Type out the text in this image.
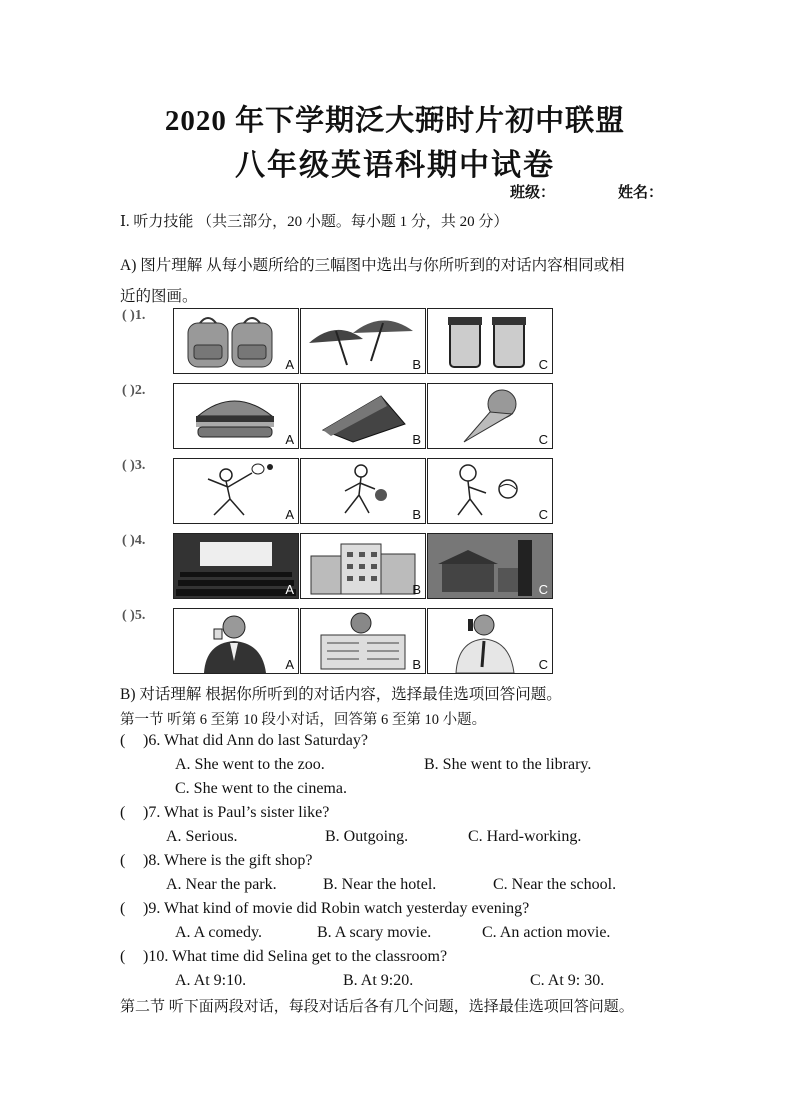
2020 年下学期泛大弼时片初中联盟
八年级英语科期中试卷
班级：	姓名：
Ⅰ. 听力技能 （共三部分，20 小题。每小题 1 分，共 20 分）
A) 图片理解 从每小题所给的三幅图中选出与你所听到的对话内容相同或相
近的图画。
( )1.
A	B	C
( )2.
A	B	C
( )3.
A	B	C
( )4.
A	B	C
( )5.
A	B	C
B) 对话理解 根据你所听到的对话内容，选择最佳选项回答问题。
第一节 听第 6 至第 10 段小对话，回答第 6 至第 10 小题。
( )6. What did Ann do last Saturday?
A. She went to the zoo.	B. She went to the library.
C. She went to the cinema.
( )7. What is Paul’s sister like?
A. Serious.	B. Outgoing.	C. Hard-working.
( )8. Where is the gift shop?
A. Near the park.	B. Near the hotel.	C. Near the school.
( )9. What kind of movie did Robin watch yesterday evening?
A. A comedy.	B. A scary movie.	C. An action movie.
( )10. What time did Selina get to the classroom?
A. At 9:10.	B. At 9:20.	C. At 9: 30.
第二节 听下面两段对话，每段对话后各有几个问题，选择最佳选项回答问题。
